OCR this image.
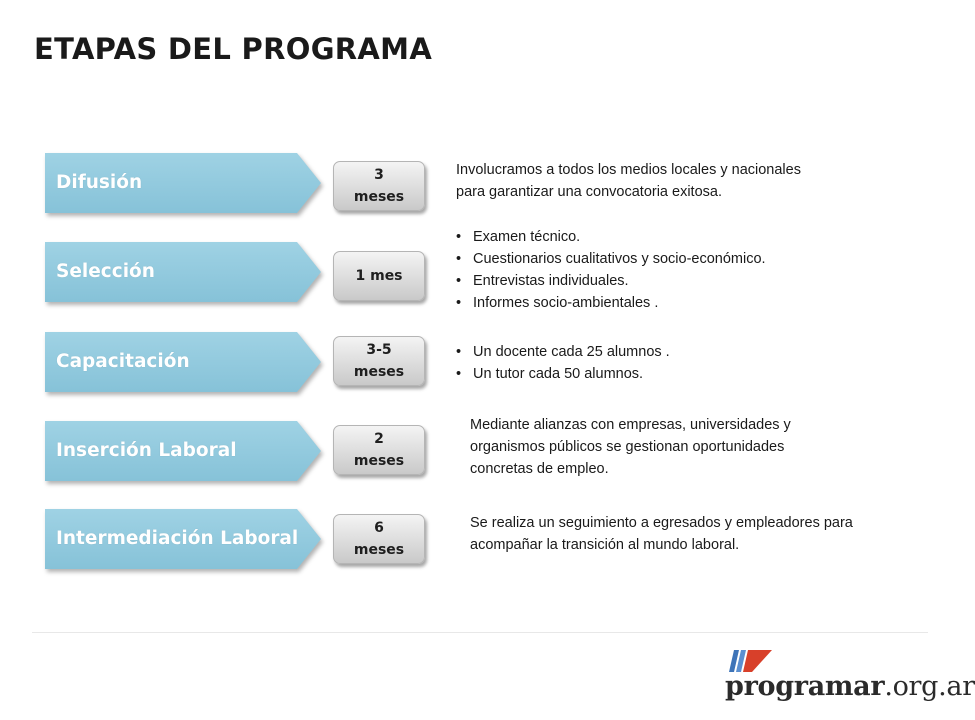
ETAPAS DEL PROGRAMA
Difusión
Selección
Capacitación
Inserción Laboral
Intermediación Laboral
3
meses
1 mes
3-5
meses
2
meses
6
meses

Involucramos a todos los medios locales y nacionales

para garantizar una convocatoria exitosa.

• Examen técnico.
• Cuestionarios cualitativos y socio-económico.
• Entrevistas individuales.
• Informes socio-ambientales .
• Un docente cada 25 alumnos .
• Un tutor cada 50 alumnos.

Mediante alianzas con empresas, universidades y

organismos públicos se gestionan oportunidades

concretas de empleo.

Se realiza un seguimiento a egresados y empleadores para

acompañar la transición al mundo laboral.

programar.org.ar
